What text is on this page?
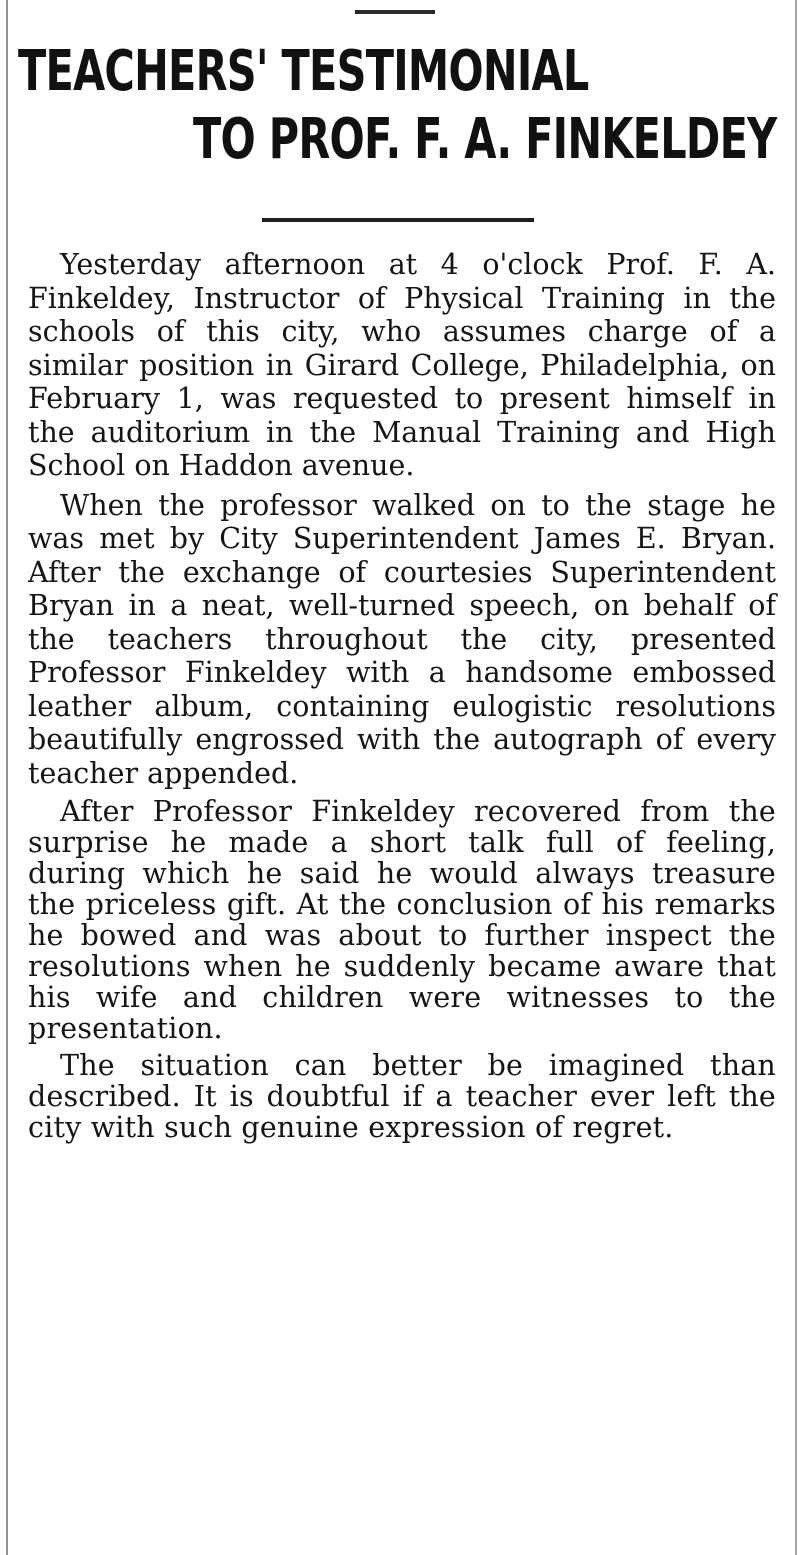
TEACHERS' TESTIMONIAL
TO PROF. F. A. FINKELDEY

Yesterday afternoon at 4 o'clock Prof. F. A. Finkeldey, Instructor of Physical Training in the schools of this city, who assumes charge of a similar position in Girard College, Philadelphia, on February 1, was requested to present himself in the auditorium in the Manual Training and High School on Haddon avenue.

When the professor walked on to the stage he was met by City Superintendent James E. Bryan. After the exchange of courtesies Superintendent Bryan in a neat, well-turned speech, on behalf of the teachers throughout the city, presented Professor Finkeldey with a handsome embossed leather album, containing eulogistic resolutions beautifully engrossed with the autograph of every teacher appended.

After Professor Finkeldey recovered from the surprise he made a short talk full of feeling, during which he said he would always treasure the priceless gift. At the conclusion of his remarks he bowed and was about to further inspect the resolutions when he suddenly became aware that his wife and children were witnesses to the presentation.

The situation can better be imagined than described. It is doubtful if a teacher ever left the city with such genuine expression of regret.
